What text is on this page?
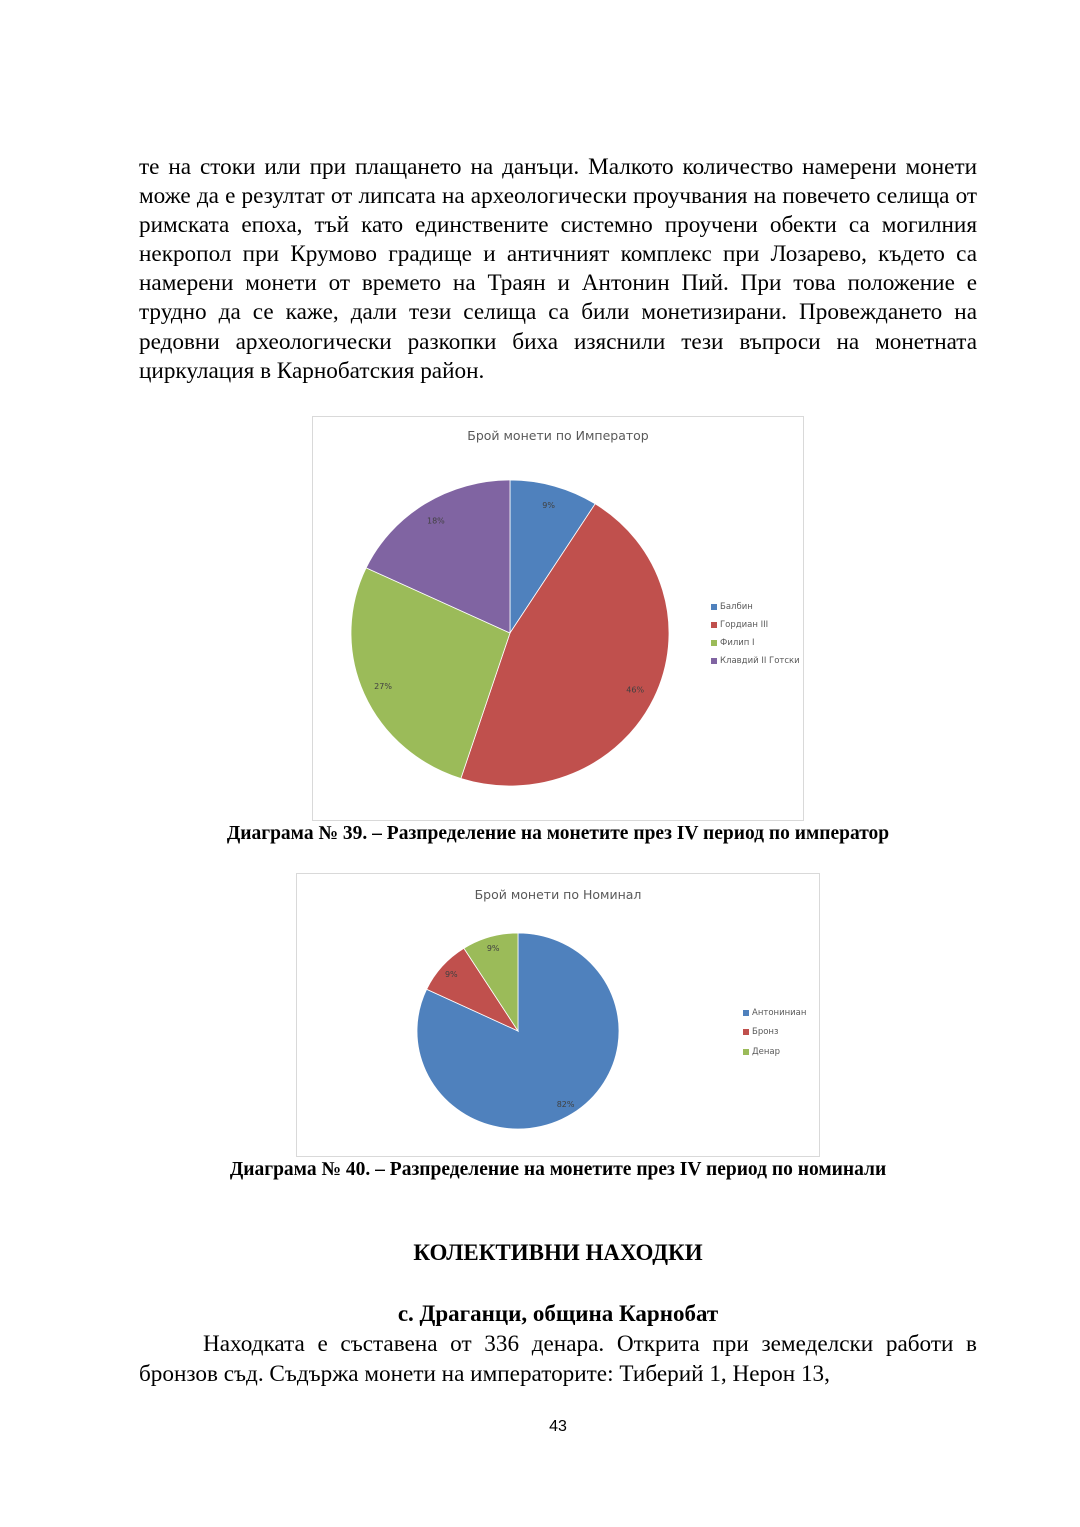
те на стоки или при плащането на данъци. Малкото количество намерени монети може да е резултат от липсата на археологически проучвания на повечето селища от римската епоха, тъй като единствените системно проучени обекти са могилния некропол при Крумово градище и античният комплекс при Лозарево, където са намерени монети от времето на Траян и Антонин Пий. При това положение е трудно да се каже, дали тези селища са били монетизирани. Провеждането на редовни археологически разкопки биха изяснили тези въпроси на монетната циркулация в Карнобатския район.

Брой монети по Император
9%
46%
27%
18%
Балбин
Гордиан III
Филип I
Клавдий II Готски
Диаграма № 39. – Разпределение на монетите през IV период по император
Брой монети по Номинал
82%
9%
9%
Антониниан
Бронз
Денар
Диаграма № 40. – Разпределение на монетите през IV период по номинали
КОЛЕКТИВНИ НАХОДКИ
с. Драганци, община Карнобат

Находката е съставена от 336 денара. Открита при земеделски работи в бронзов съд. Съдържа монети на императорите: Тиберий 1, Нерон 13,

43
